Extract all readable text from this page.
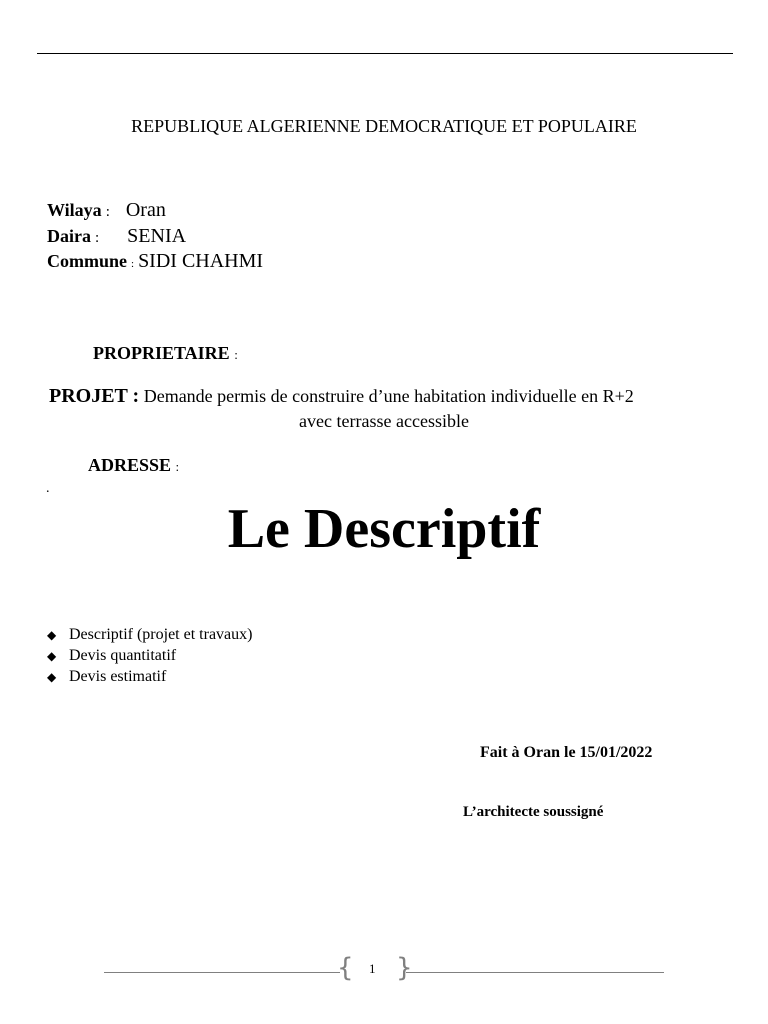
REPUBLIQUE ALGERIENNE DEMOCRATIQUE ET POPULAIRE
Wilaya : Oran
Daira : SENIA
Commune : SIDI CHAHMI
PROPRIETAIRE :
PROJET : Demande permis de construire d’une habitation individuelle en R+2
avec terrasse accessible
ADRESSE :
.
Le Descriptif
◆ Descriptif (projet et travaux)
◆ Devis quantitatif
◆ Devis estimatif
Fait à Oran le 15/01/2022
L’architecte soussigné
{ }
1
